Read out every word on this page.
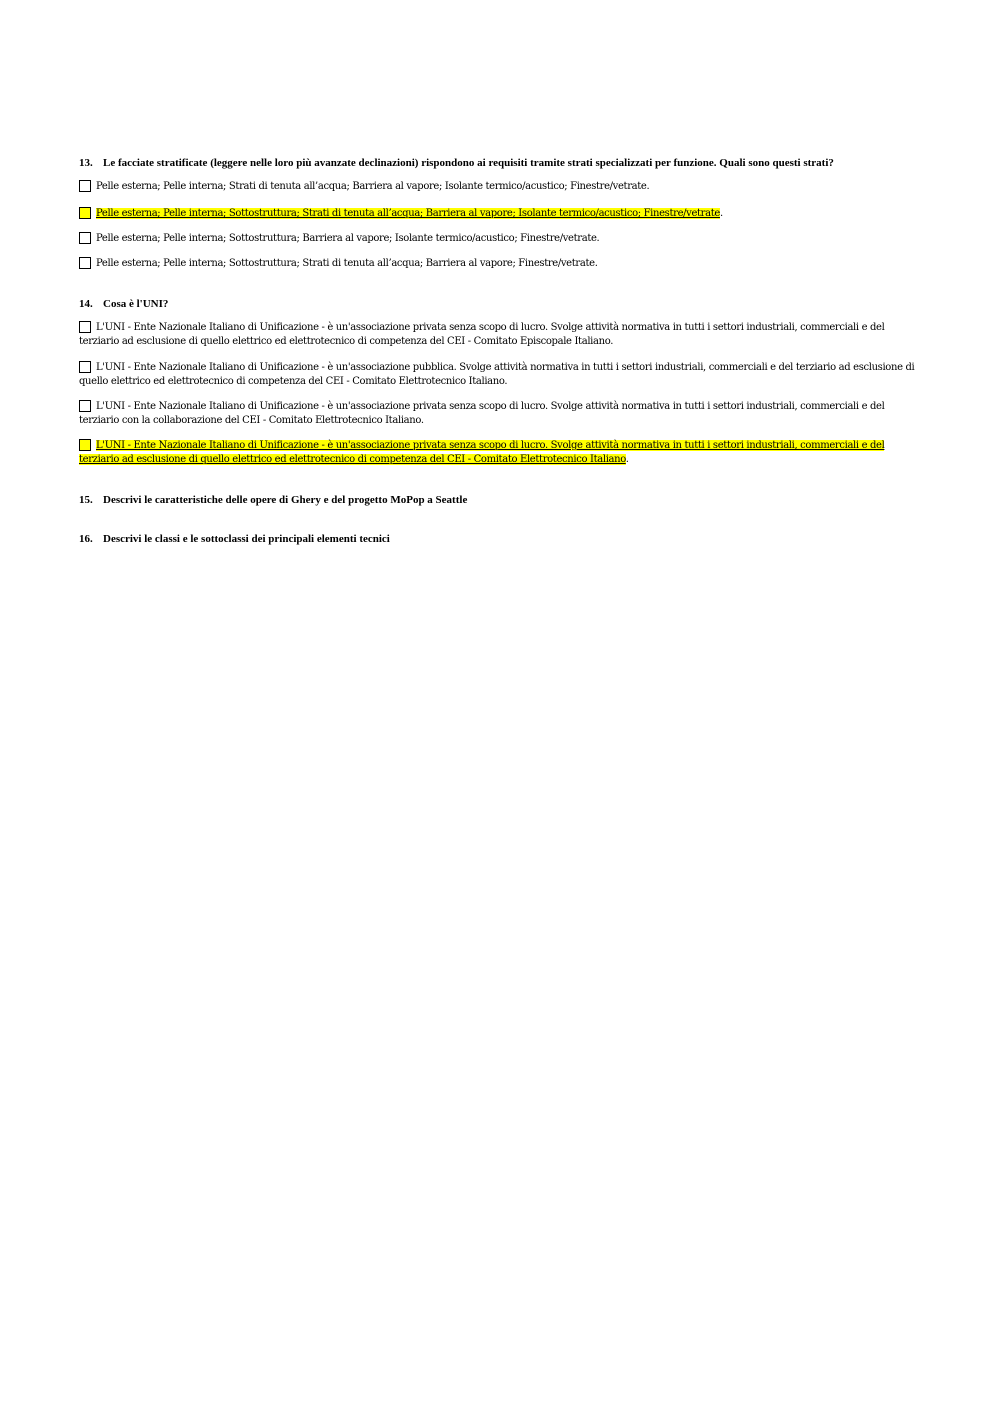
13. Le facciate stratificate (leggere nelle loro più avanzate declinazioni) rispondono ai requisiti tramite strati specializzati per funzione. Quali sono questi strati?
Pelle esterna; Pelle interna; Strati di tenuta all’acqua; Barriera al vapore; Isolante termico/acustico; Finestre/vetrate.
Pelle esterna; Pelle interna; Sottostruttura; Strati di tenuta all’acqua; Barriera al vapore; Isolante termico/acustico; Finestre/vetrate.
Pelle esterna; Pelle interna; Sottostruttura; Barriera al vapore; Isolante termico/acustico; Finestre/vetrate.
Pelle esterna; Pelle interna; Sottostruttura; Strati di tenuta all’acqua; Barriera al vapore; Finestre/vetrate.
14. Cosa è l'UNI?
L'UNI - Ente Nazionale Italiano di Unificazione - è un'associazione privata senza scopo di lucro. Svolge attività normativa in tutti i settori industriali, commerciali e del terziario ad esclusione di quello elettrico ed elettrotecnico di competenza del CEI - Comitato Episcopale Italiano.
L'UNI - Ente Nazionale Italiano di Unificazione - è un'associazione pubblica. Svolge attività normativa in tutti i settori industriali, commerciali e del terziario ad esclusione di quello elettrico ed elettrotecnico di competenza del CEI - Comitato Elettrotecnico Italiano.
L'UNI - Ente Nazionale Italiano di Unificazione - è un'associazione privata senza scopo di lucro. Svolge attività normativa in tutti i settori industriali, commerciali e del terziario con la collaborazione del CEI - Comitato Elettrotecnico Italiano.
L'UNI - Ente Nazionale Italiano di Unificazione - è un'associazione privata senza scopo di lucro. Svolge attività normativa in tutti i settori industriali, commerciali e del terziario ad esclusione di quello elettrico ed elettrotecnico di competenza del CEI - Comitato Elettrotecnico Italiano.
15. Descrivi le caratteristiche delle opere di Ghery e del progetto MoPop a Seattle
16. Descrivi le classi e le sottoclassi dei principali elementi tecnici
